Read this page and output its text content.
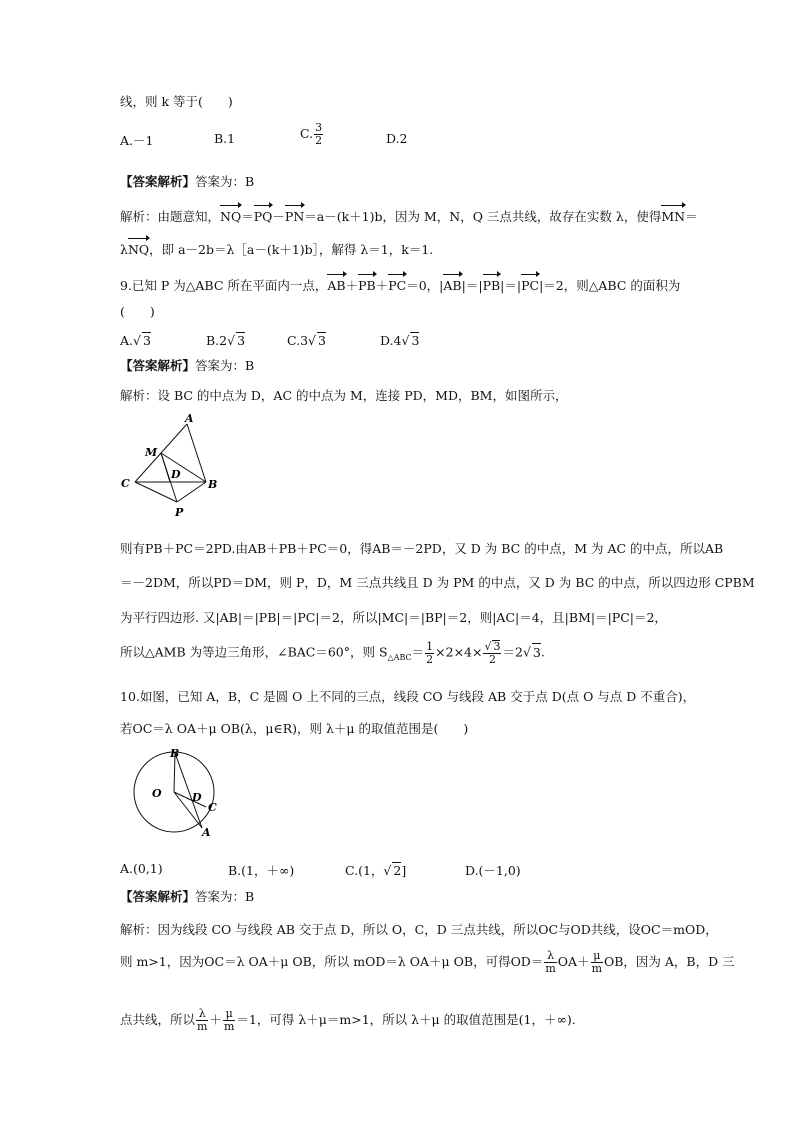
线，则 k 等于(　　)
A.－1	B.1	C. $\frac{3}{2}$	D.2
【答案解析】答案为：B
解析：由题意知，NQ＝PQ－PN＝a－(k＋1)b，因为 M，N，Q 三点共线，故存在实数 λ，使得MN＝
λNQ，即 a－2b＝λ［a－(k＋1)b］，解得 λ＝1，k＝1.
9.已知 P 为△ABC 所在平面内一点，AB＋PB＋PC＝0，|AB|＝|PB|＝|PC|＝2，则△ABC 的面积为
(　　)
A.√ 3	B.2√ 3	C.3√ 3	D.4√ 3
【答案解析】答案为：B
解析：设 BC 的中点为 D，AC 的中点为 M，连接 PD，MD，BM，如图所示，
A
M
D
C	B
P
则有PB＋PC＝2PD.由AB＋PB＋PC＝0，得AB＝－2PD，又 D 为 BC 的中点，M 为 AC 的中点，所以AB
＝－2DM，所以PD＝DM，则 P，D，M 三点共线且 D 为 PM 的中点，又 D 为 BC 的中点，所以四边形 CPBM
为平行四边形. 又|AB|＝|PB|＝|PC|＝2，所以|MC|＝|BP|＝2，则|AC|＝4，且|BM|＝|PC|＝2，
所以△AMB 为等边三角形，∠BAC＝60°，则 $S_{\triangle ABC}= \frac{1}{2} \times 2\times 4\times \frac{√ 3}{2} =2√$ 3.
10.如图，已知 A，B，C 是圆 O 上不同的三点，线段 CO 与线段 AB 交于点 D(点 O 与点 D 不重合)，
若OC＝λ OA＋μ OB(λ，μ∈R)，则 λ＋μ 的取值范围是(　　)
B
O	D
C
A
A.(0,1)	B.(1，＋∞)	C.(1，√ 2]	D.(－1,0)
【答案解析】答案为：B
解析：因为线段 CO 与线段 AB 交于点 D，所以 O，C，D 三点共线，所以OC与OD共线，设OC＝mOD，
则 m>1，因为OC＝λ OA＋μ OB，所以 mOD＝λ OA＋μ OB，可得$OD= \frac{\lambda}{m} OA+ \frac{\mu}{m}$ OB，因为 A，B，D 三
点共线，所以 $\frac{\lambda}{m} + \frac{\mu}{m} =1$，可得 λ＋μ＝m>1，所以 λ＋μ 的取值范围是(1，＋∞).
